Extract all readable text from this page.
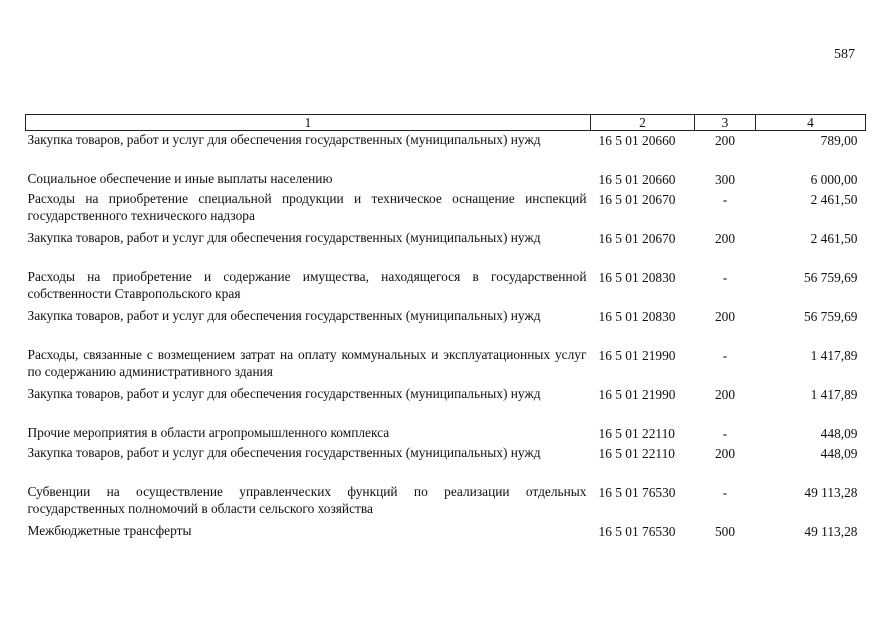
587
1	2	3	4
Закупка товаров, работ и услуг для обеспечения государственных (муниципальных) нужд	16 5 01 20660	200	789,00
Социальное обеспечение и иные выплаты населению	16 5 01 20660	300	6 000,00
Расходы на приобретение специальной продукции и техническое оснащение инспекций государственного технического надзора	16 5 01 20670	-	2 461,50
Закупка товаров, работ и услуг для обеспечения государственных (муниципальных) нужд	16 5 01 20670	200	2 461,50
Расходы на приобретение и содержание имущества, находящегося в государственной собственности Ставропольского края	16 5 01 20830	-	56 759,69
Закупка товаров, работ и услуг для обеспечения государственных (муниципальных) нужд	16 5 01 20830	200	56 759,69
Расходы, связанные с возмещением затрат на оплату коммунальных и эксплуатационных услуг по содержанию административного здания	16 5 01 21990	-	1 417,89
Закупка товаров, работ и услуг для обеспечения государственных (муниципальных) нужд	16 5 01 21990	200	1 417,89
Прочие мероприятия в области агропромышленного комплекса	16 5 01 22110	-	448,09
Закупка товаров, работ и услуг для обеспечения государственных (муниципальных) нужд	16 5 01 22110	200	448,09
Субвенции на осуществление управленческих функций по реализации отдельных государственных полномочий в области сельского хозяйства	16 5 01 76530	-	49 113,28
Межбюджетные трансферты	16 5 01 76530	500	49 113,28
